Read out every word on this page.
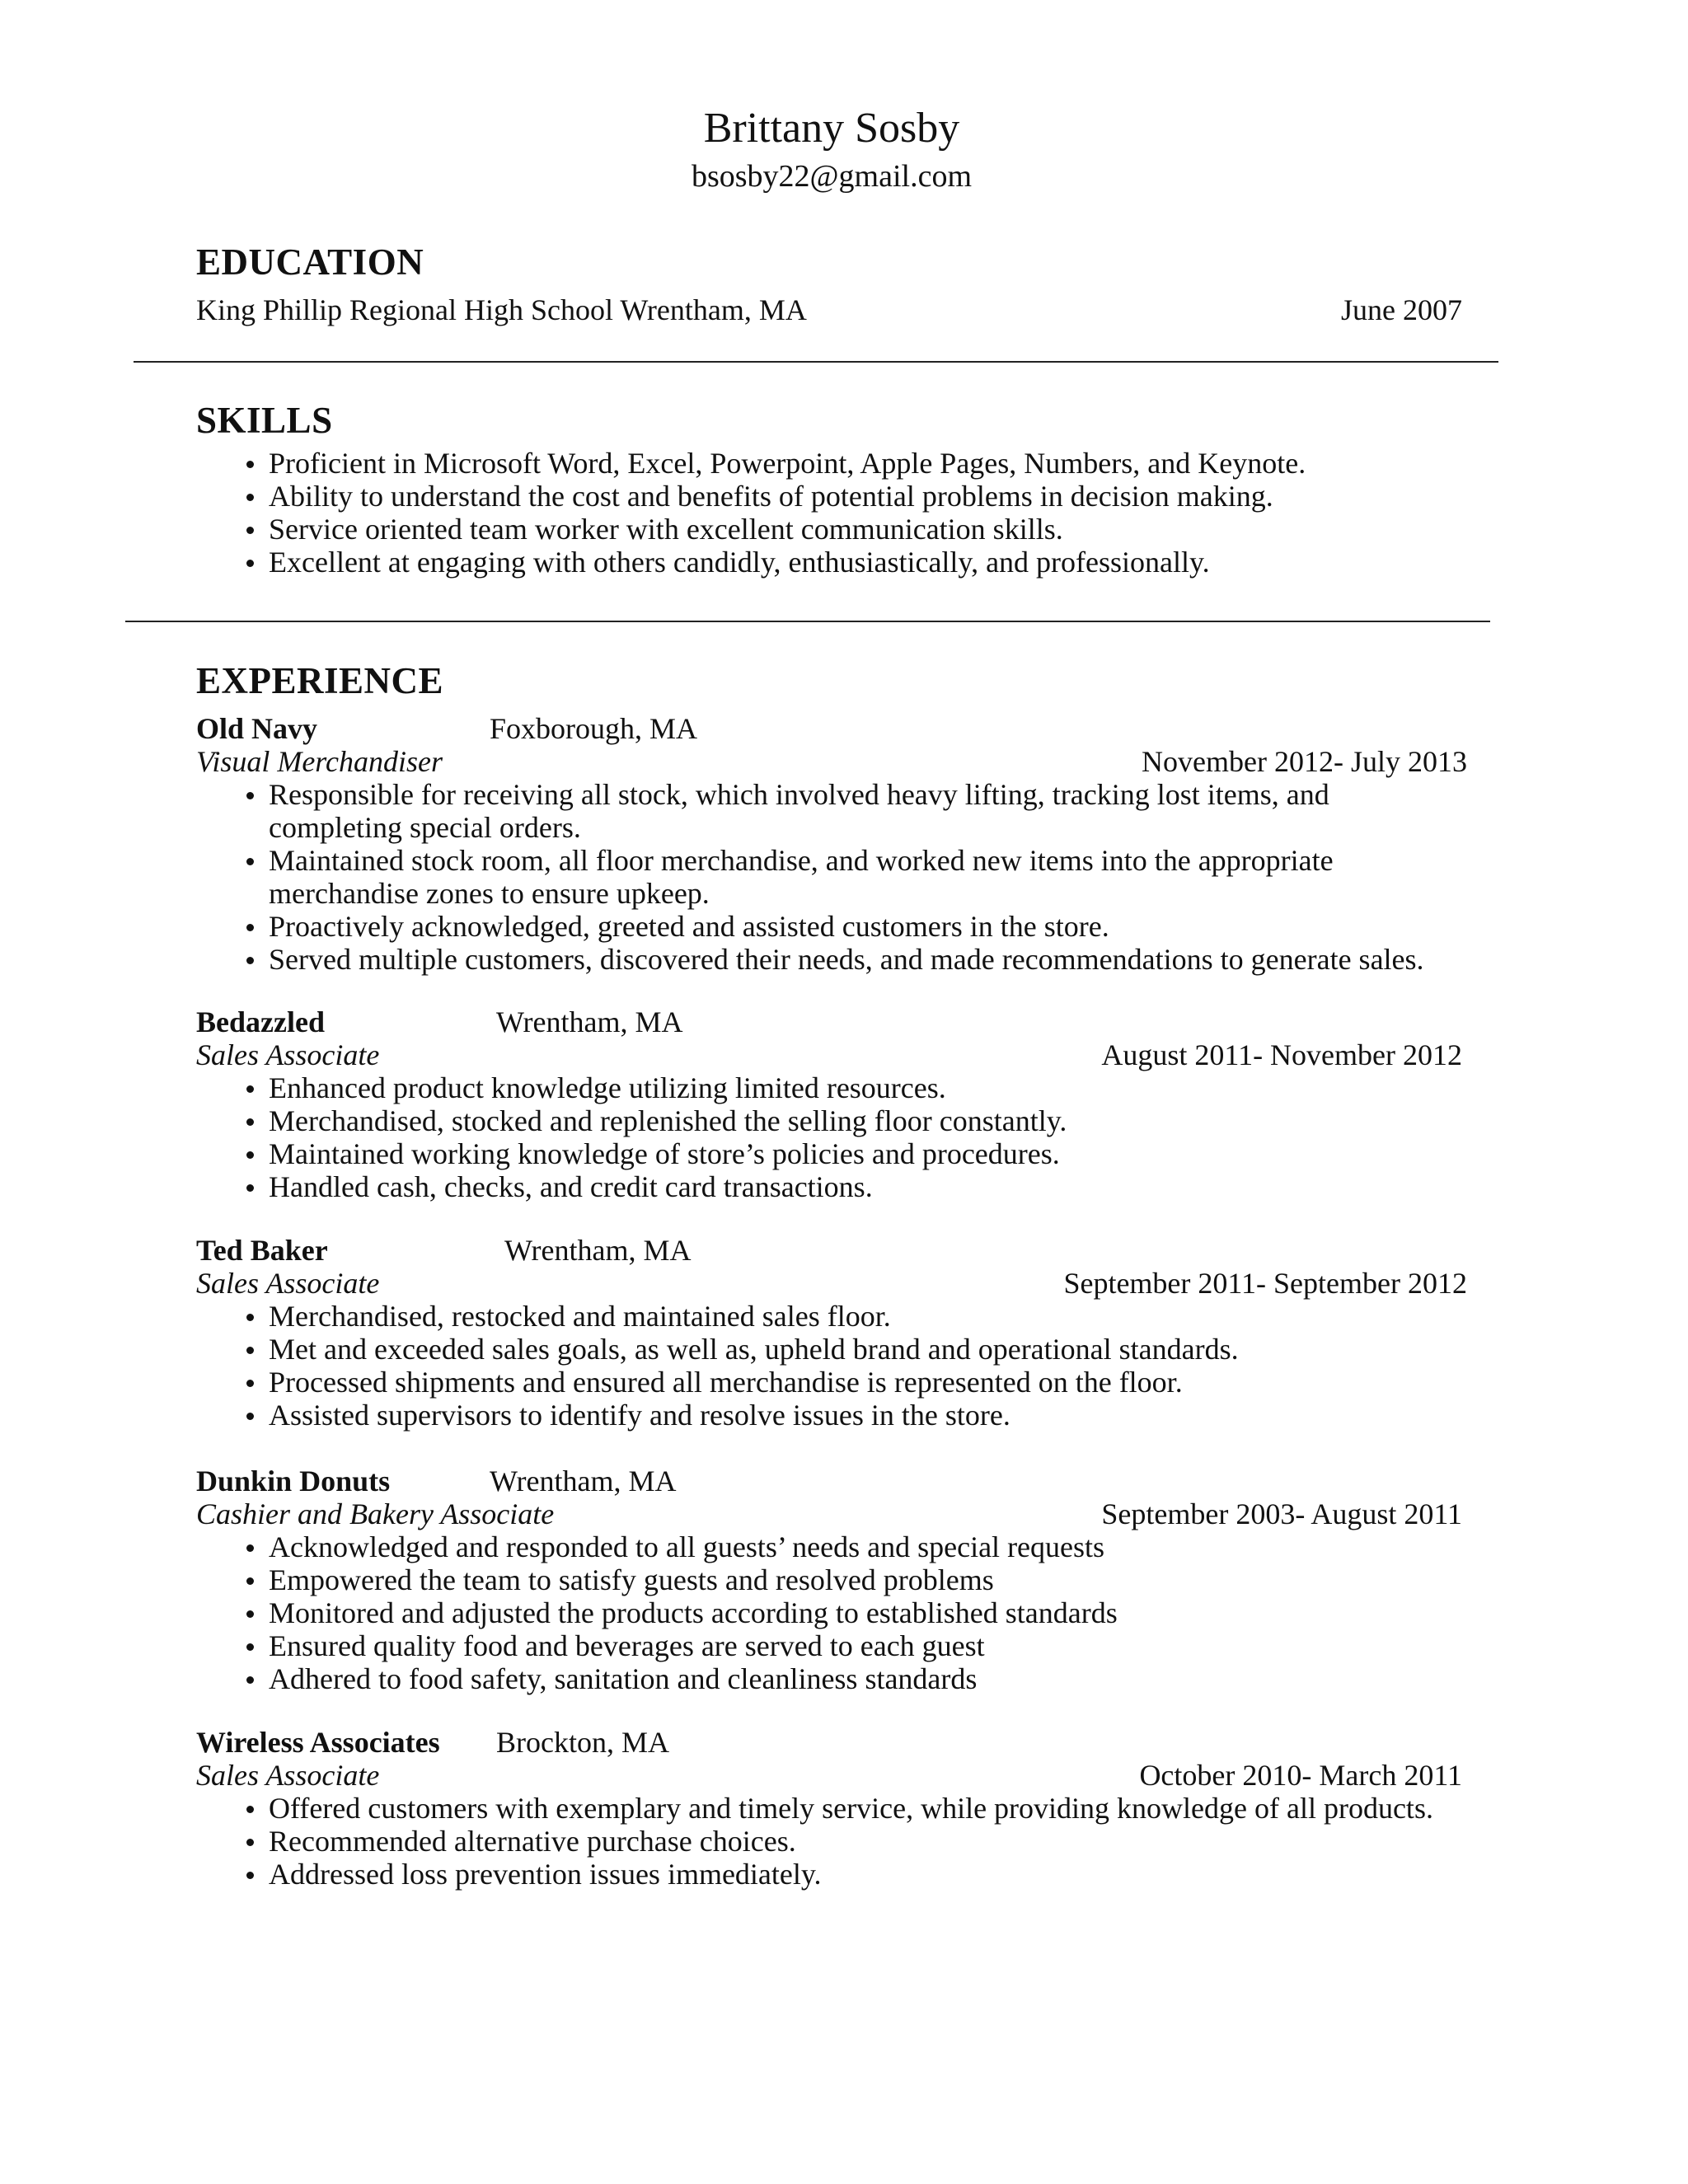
Brittany Sosby
bsosby22@gmail.com
EDUCATION
King Phillip Regional High School Wrentham, MA	June 2007
SKILLS
Proficient in Microsoft Word, Excel, Powerpoint, Apple Pages, Numbers, and Keynote.
Ability to understand the cost and benefits of potential problems in decision making.
Service oriented team worker with excellent communication skills.
Excellent at engaging with others candidly, enthusiastically, and professionally.
EXPERIENCE
Old Navy	Foxborough, MA
Visual Merchandiser	November 2012- July 2013
Responsible for receiving all stock, which involved heavy lifting, tracking lost items, and completing special orders.
Maintained stock room, all floor merchandise, and worked new items into the appropriate merchandise zones to ensure upkeep.
Proactively acknowledged, greeted and assisted customers in the store.
Served multiple customers, discovered their needs, and made recommendations to generate sales.
Bedazzled	Wrentham, MA
Sales Associate	August 2011- November 2012
Enhanced product knowledge utilizing limited resources.
Merchandised, stocked and replenished the selling floor constantly.
Maintained working knowledge of store’s policies and procedures.
Handled cash, checks, and credit card transactions.
Ted Baker	Wrentham, MA
Sales Associate	September 2011- September 2012
Merchandised, restocked and maintained sales floor.
Met and exceeded sales goals, as well as, upheld brand and operational standards.
Processed shipments and ensured all merchandise is represented on the floor.
Assisted supervisors to identify and resolve issues in the store.
Dunkin Donuts	Wrentham, MA
Cashier and Bakery Associate	September 2003- August 2011
Acknowledged and responded to all guests’ needs and special requests
Empowered the team to satisfy guests and resolved problems
Monitored and adjusted the products according to established standards
Ensured quality food and beverages are served to each guest
Adhered to food safety, sanitation and cleanliness standards
Wireless Associates Brockton, MA
Sales Associate	October 2010- March 2011
Offered customers with exemplary and timely service, while providing knowledge of all products.
Recommended alternative purchase choices.
Addressed loss prevention issues immediately.
